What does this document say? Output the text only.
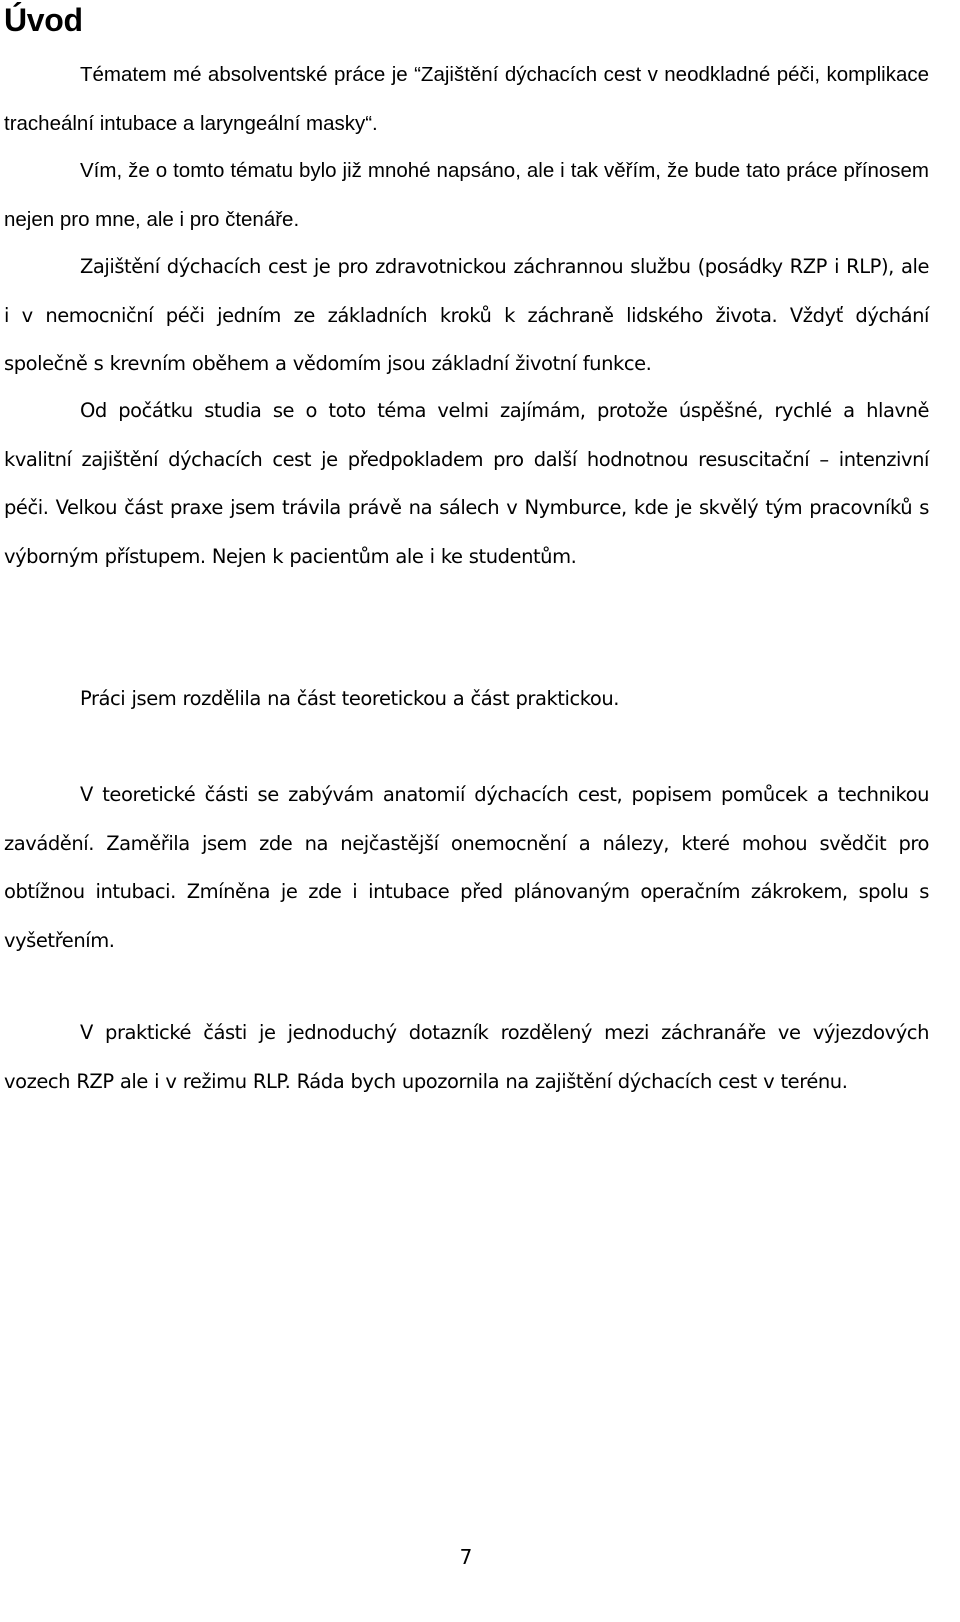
Úvod

Tématem mé absolventské práce je “Zajištění dýchacích cest v neodkladné péči, komplikace tracheální intubace a laryngeální masky“.

Vím, že o tomto tématu bylo již mnohé napsáno, ale i tak věřím, že bude tato práce přínosem nejen pro mne, ale i pro čtenáře.

Zajištění dýchacích cest je pro zdravotnickou záchrannou službu (posádky RZP i RLP), ale i v nemocniční péči jedním ze základních kroků k záchraně lidského života. Vždyť dýchání společně s krevním oběhem a vědomím jsou základní životní funkce.

Od počátku studia se o toto téma velmi zajímám, protože úspěšné, rychlé a hlavně kvalitní zajištění dýchacích cest je předpokladem pro další hodnotnou resuscitační – intenzivní péči. Velkou část praxe jsem trávila právě na sálech v Nymburce, kde je skvělý tým pracovníků s výborným přístupem. Nejen k pacientům ale i ke studentům.

Práci jsem rozdělila na část teoretickou a část praktickou.

V teoretické části se zabývám anatomií dýchacích cest, popisem pomůcek a technikou zavádění. Zaměřila jsem zde na nejčastější onemocnění a nálezy, které mohou svědčit pro obtížnou intubaci. Zmíněna je zde i intubace před plánovaným operačním zákrokem, spolu s vyšetřením.

V praktické části je jednoduchý dotazník rozdělený mezi záchranáře ve výjezdových vozech RZP ale i v režimu RLP. Ráda bych upozornila na zajištění dýchacích cest v terénu.

7
